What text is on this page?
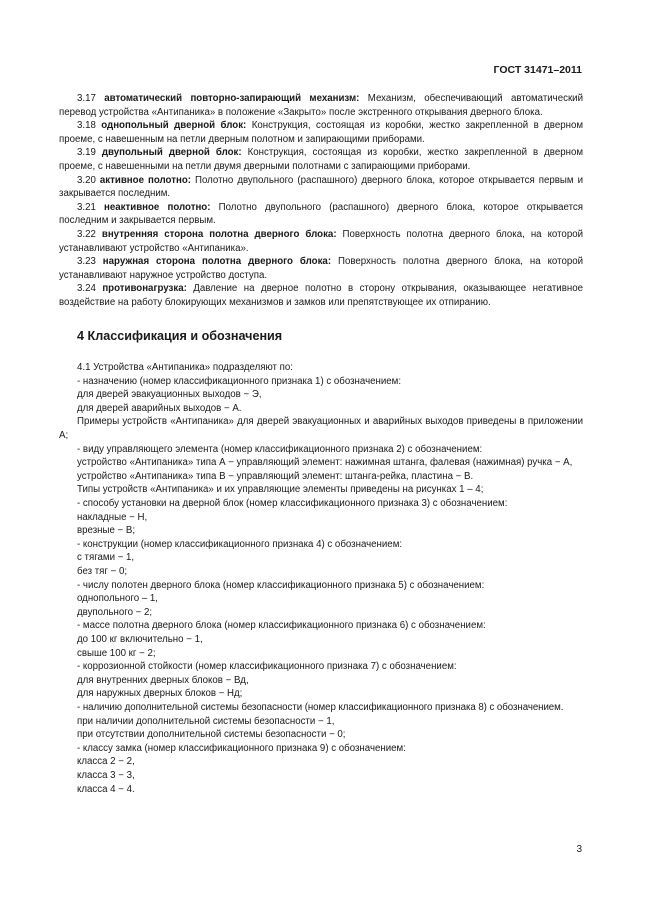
ГОСТ 31471–2011

3.17 автоматический повторно-запирающий механизм: Механизм, обеспечивающий автоматический перевод устройства «Антипаника» в положение «Закрыто» после экстренного открывания дверного блока.

3.18 однопольный дверной блок: Конструкция, состоящая из коробки, жестко закрепленной в дверном проеме, с навешенным на петли дверным полотном и запирающими приборами.

3.19 двупольный дверной блок: Конструкция, состоящая из коробки, жестко закрепленной в дверном проеме, с навешенными на петли двумя дверными полотнами с запирающими приборами.

3.20 активное полотно: Полотно двупольного (распашного) дверного блока, которое открывается первым и закрывается последним.

3.21 неактивное полотно: Полотно двупольного (распашного) дверного блока, которое открывается последним и закрывается первым.

3.22 внутренняя сторона полотна дверного блока: Поверхность полотна дверного блока, на которой устанавливают устройство «Антипаника».

3.23 наружная сторона полотна дверного блока: Поверхность полотна дверного блока, на которой устанавливают наружное устройство доступа.

3.24 противонагрузка: Давление на дверное полотно в сторону открывания, оказывающее негативное воздействие на работу блокирующих механизмов и замков или препятствующее их отпиранию.

4 Классификация и обозначения

4.1 Устройства «Антипаника» подразделяют по:

- назначению (номер классификационного признака 1) с обозначением:

для дверей эвакуационных выходов − Э,

для дверей аварийных выходов − А.

Примеры устройств «Антипаника» для дверей эвакуационных и аварийных выходов приведены в приложении А;

- виду управляющего элемента (номер классификационного признака 2) с обозначением:

устройство «Антипаника» типа А − управляющий элемент: нажимная штанга, фалевая (нажимная) ручка − А,

устройство «Антипаника» типа В − управляющий элемент: штанга-рейка, пластина − В.

Типы устройств «Антипаника» и их управляющие элементы приведены на рисунках 1 – 4;

- способу установки на дверной блок (номер классификационного признака 3) с обозначением:

накладные − Н,

врезные − В;

- конструкции (номер классификационного признака 4) с обозначением:

с тягами − 1,

без тяг − 0;

- числу полотен дверного блока (номер классификационного признака 5) с обозначением:

однопольного – 1,

двупольного − 2;

- массе полотна дверного блока (номер классификационного признака 6) с обозначением:

до 100 кг включительно − 1,

свыше 100 кг − 2;

- коррозионной стойкости (номер классификационного признака 7) с обозначением:

для внутренних дверных блоков − Вд,

для наружных дверных блоков − Нд;

- наличию дополнительной системы безопасности (номер классификационного признака 8) с обозначением.

при наличии дополнительной системы безопасности − 1,

при отсутствии дополнительной системы безопасности − 0;

- классу замка (номер классификационного признака 9) с обозначением:

класса 2 − 2,

класса 3 − 3,

класса 4 − 4.

3
